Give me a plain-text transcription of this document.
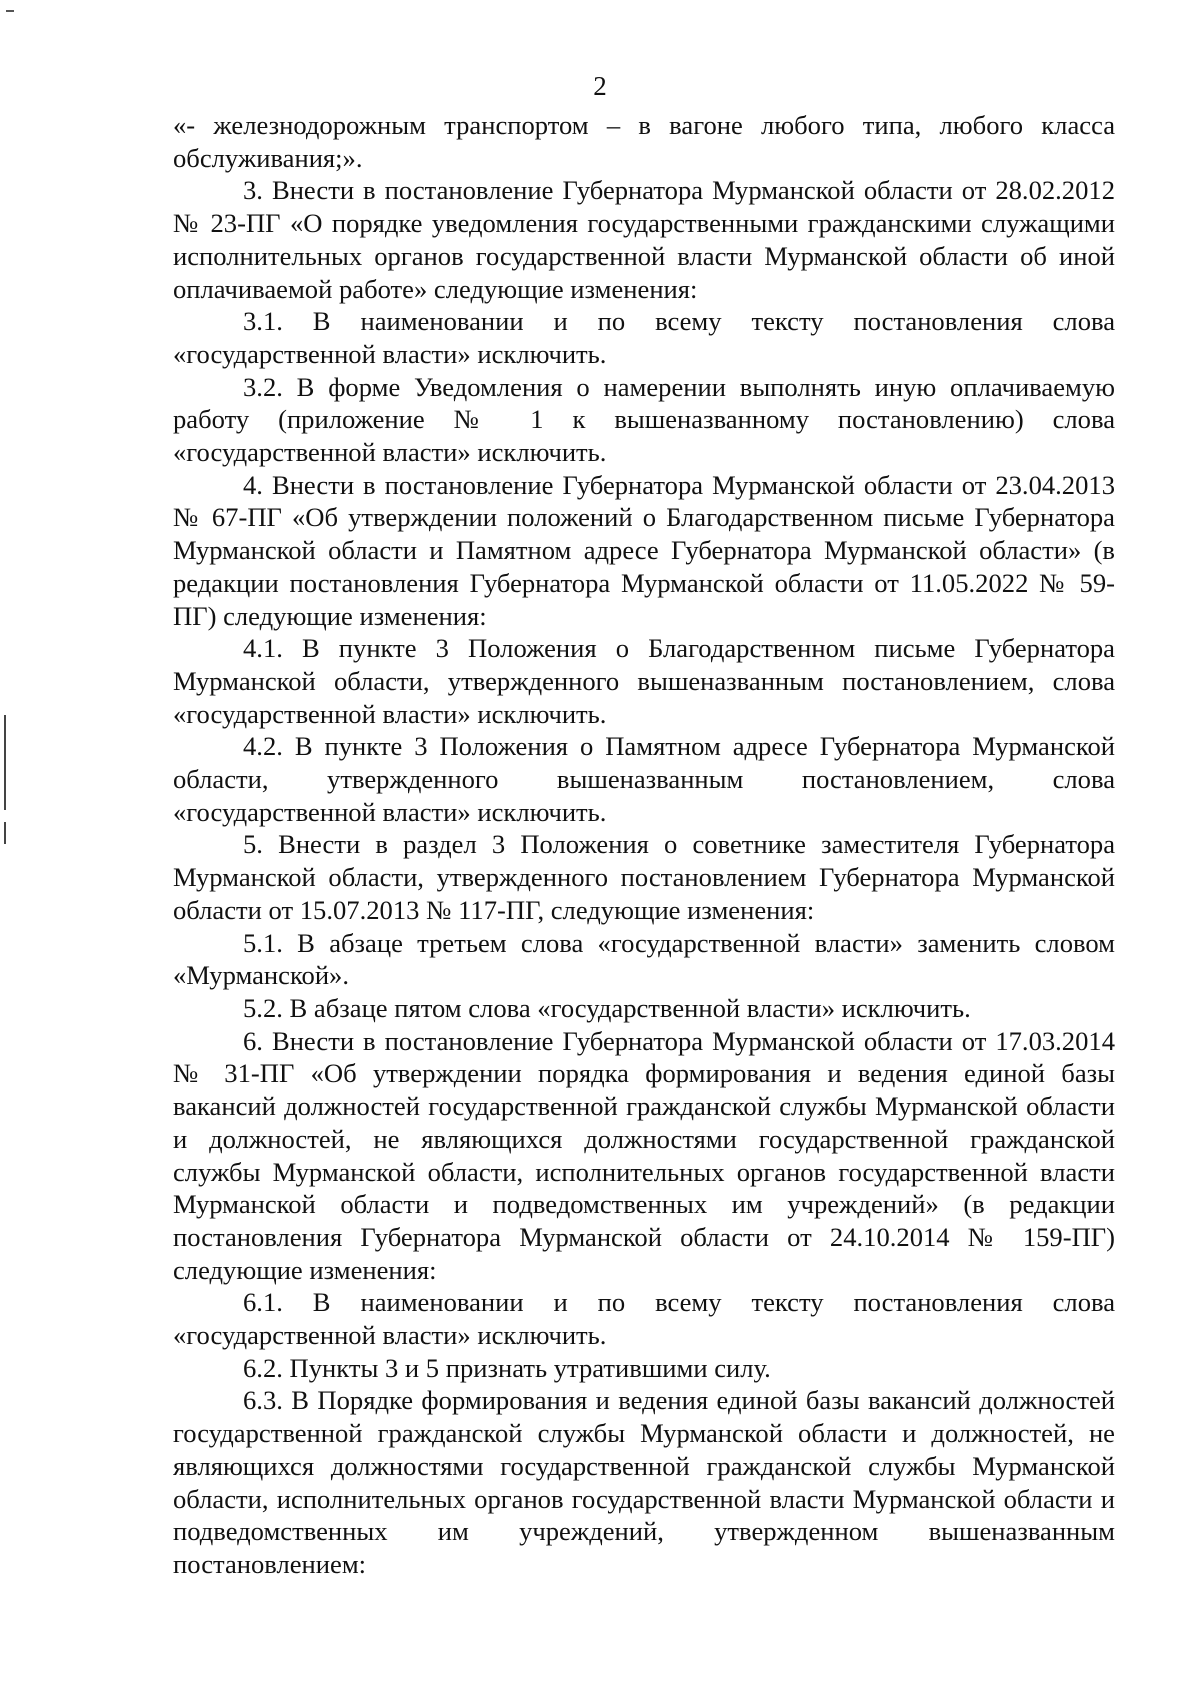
2

«- железнодорожным транспортом – в вагоне любого типа, любого класса обслуживания;».

3. Внести в постановление Губернатора Мурманской области от 28.02.2012 № 23-ПГ «О порядке уведомления государственными гражданскими служащими исполнительных органов государственной власти Мурманской области об иной оплачиваемой работе» следующие изменения:

3.1. В наименовании и по всему тексту постановления слова «государственной власти» исключить.

3.2. В форме Уведомления о намерении выполнять иную оплачиваемую работу (приложение № 1 к вышеназванному постановлению) слова «государственной власти» исключить.

4. Внести в постановление Губернатора Мурманской области от 23.04.2013 № 67-ПГ «Об утверждении положений о Благодарственном письме Губернатора Мурманской области и Памятном адресе Губернатора Мурманской области» (в редакции постановления Губернатора Мурманской области от 11.05.2022 № 59-ПГ) следующие изменения:

4.1. В пункте 3 Положения о Благодарственном письме Губернатора Мурманской области, утвержденного вышеназванным постановлением, слова «государственной власти» исключить.

4.2. В пункте 3 Положения о Памятном адресе Губернатора Мурманской области, утвержденного вышеназванным постановлением, слова «государственной власти» исключить.

5. Внести в раздел 3 Положения о советнике заместителя Губернатора Мурманской области, утвержденного постановлением Губернатора Мурманской области от 15.07.2013 № 117-ПГ, следующие изменения:

5.1. В абзаце третьем слова «государственной власти» заменить словом «Мурманской».

5.2. В абзаце пятом слова «государственной власти» исключить.

6. Внести в постановление Губернатора Мурманской области от 17.03.2014 № 31-ПГ «Об утверждении порядка формирования и ведения единой базы вакансий должностей государственной гражданской службы Мурманской области и должностей, не являющихся должностями государственной гражданской службы Мурманской области, исполнительных органов государственной власти Мурманской области и подведомственных им учреждений» (в редакции постановления Губернатора Мурманской области от 24.10.2014 № 159-ПГ) следующие изменения:

6.1. В наименовании и по всему тексту постановления слова «государственной власти» исключить.

6.2. Пункты 3 и 5 признать утратившими силу.

6.3. В Порядке формирования и ведения единой базы вакансий должностей государственной гражданской службы Мурманской области и должностей, не являющихся должностями государственной гражданской службы Мурманской области, исполнительных органов государственной власти Мурманской области и подведомственных им учреждений, утвержденном вышеназванным постановлением:
